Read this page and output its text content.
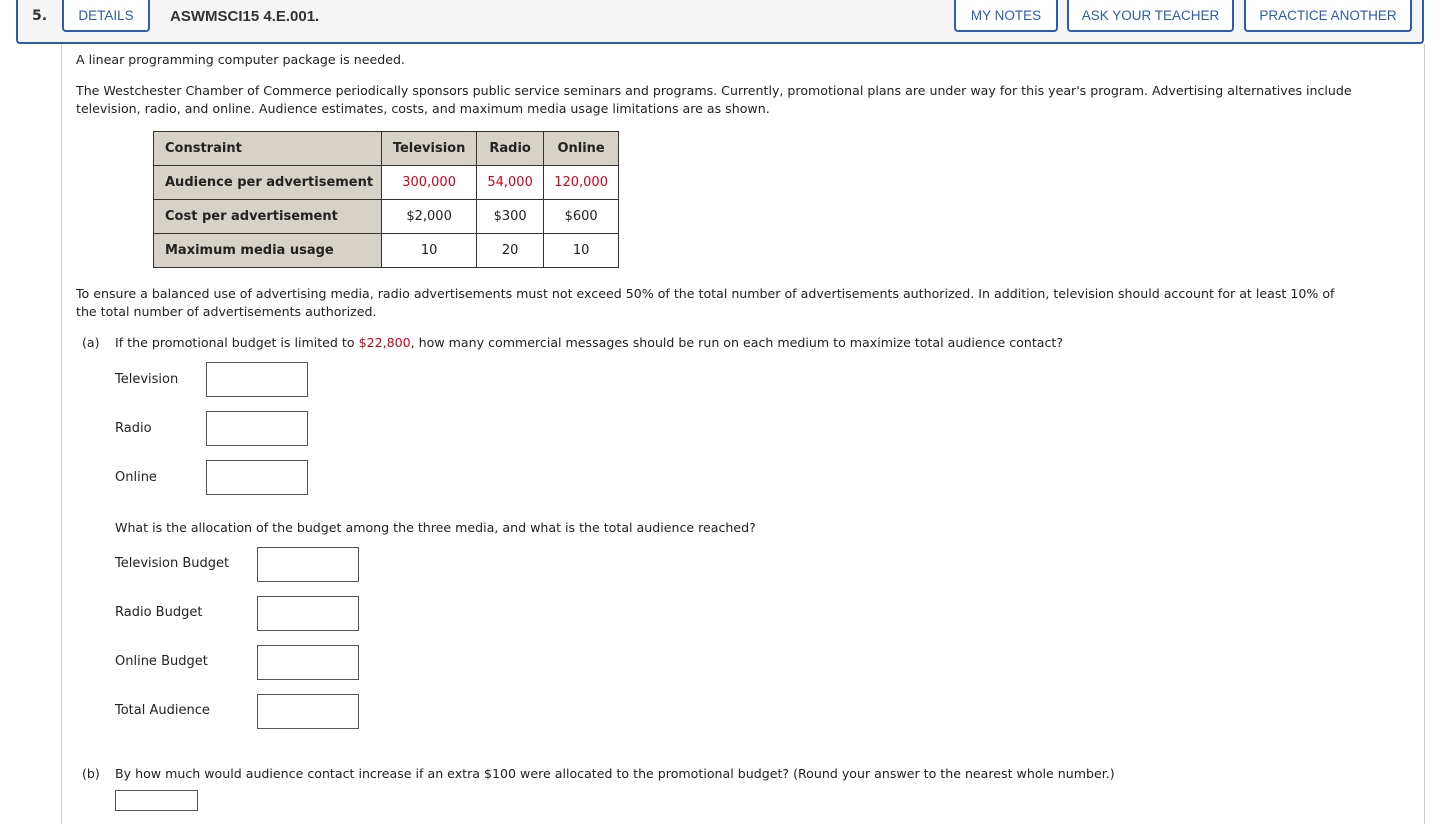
5.	DETAILS	ASWMSCI15 4.E.001.	MY NOTES	ASK YOUR TEACHER	PRACTICE ANOTHER
A linear programming computer package is needed.
The Westchester Chamber of Commerce periodically sponsors public service seminars and programs. Currently, promotional plans are under way for this year's program. Advertising alternatives include
television, radio, and online. Audience estimates, costs, and maximum media usage limitations are as shown.
Constraint	Television	Radio	Online
Audience per advertisement	300,000	54,000	120,000
Cost per advertisement	$2,000	$300	$600
Maximum media usage	10	20	10
To ensure a balanced use of advertising media, radio advertisements must not exceed 50% of the total number of advertisements authorized. In addition, television should account for at least 10% of
the total number of advertisements authorized.
(a) If the promotional budget is limited to $22,800, how many commercial messages should be run on each medium to maximize total audience contact?
Television
Radio
Online
What is the allocation of the budget among the three media, and what is the total audience reached?
Television Budget
Radio Budget
Online Budget
Total Audience
(b) By how much would audience contact increase if an extra $100 were allocated to the promotional budget? (Round your answer to the nearest whole number.)
